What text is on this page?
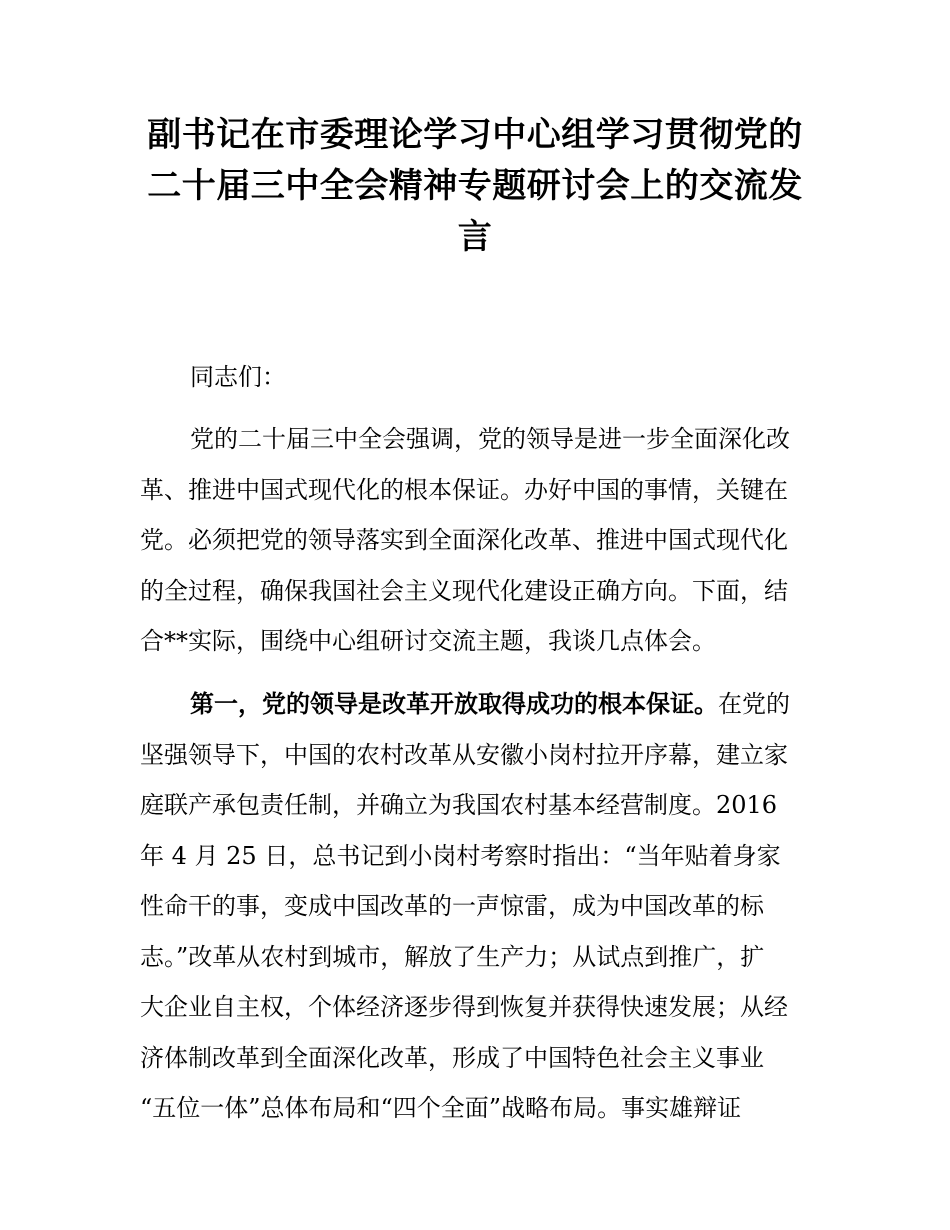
副书记在市委理论学习中心组学习贯彻党的
二十届三中全会精神专题研讨会上的交流发
言

同志们：

党的二十届三中全会强调，党的领导是进一步全面深化改
革、推进中国式现代化的根本保证。办好中国的事情，关键在
党。必须把党的领导落实到全面深化改革、推进中国式现代化
的全过程，确保我国社会主义现代化建设正确方向。下面，结
合**实际，围绕中心组研讨交流主题，我谈几点体会。

第一，党的领导是改革开放取得成功的根本保证。在党的
坚强领导下，中国的农村改革从安徽小岗村拉开序幕，建立家
庭联产承包责任制，并确立为我国农村基本经营制度。2016
年 4 月 25 日，总书记到小岗村考察时指出：“当年贴着身家
性命干的事，变成中国改革的一声惊雷，成为中国改革的标
志。”改革从农村到城市，解放了生产力；从试点到推广，扩
大企业自主权，个体经济逐步得到恢复并获得快速发展；从经
济体制改革到全面深化改革，形成了中国特色社会主义事业
“五位一体”总体布局和“四个全面”战略布局。事实雄辩证
